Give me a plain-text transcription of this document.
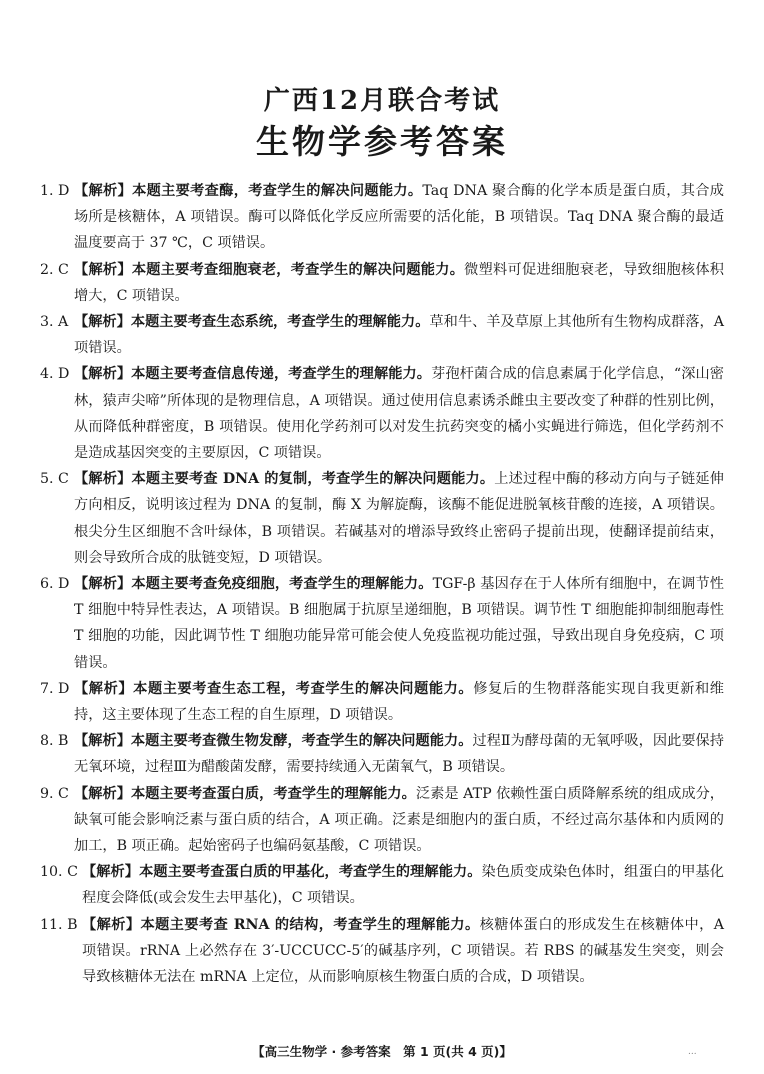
广西12月联合考试
生物学参考答案
1. D 【解析】本题主要考查酶，考查学生的解决问题能力。Taq DNA 聚合酶的化学本质是蛋白质，其合成场所是核糖体，A 项错误。酶可以降低化学反应所需要的活化能，B 项错误。Taq DNA 聚合酶的最适温度要高于 37 ℃，C 项错误。
2. C 【解析】本题主要考查细胞衰老，考查学生的解决问题能力。微塑料可促进细胞衰老，导致细胞核体积增大，C 项错误。
3. A 【解析】本题主要考查生态系统，考查学生的理解能力。草和牛、羊及草原上其他所有生物构成群落，A 项错误。
4. D 【解析】本题主要考查信息传递，考查学生的理解能力。芽孢杆菌合成的信息素属于化学信息，“深山密林，猿声尖啼”所体现的是物理信息，A 项错误。通过使用信息素诱杀雌虫主要改变了种群的性别比例，从而降低种群密度，B 项错误。使用化学药剂可以对发生抗药突变的橘小实蝇进行筛选，但化学药剂不是造成基因突变的主要原因，C 项错误。
5. C 【解析】本题主要考查 DNA 的复制，考查学生的解决问题能力。上述过程中酶的移动方向与子链延伸方向相反，说明该过程为 DNA 的复制，酶 X 为解旋酶，该酶不能促进脱氧核苷酸的连接，A 项错误。根尖分生区细胞不含叶绿体，B 项错误。若碱基对的增添导致终止密码子提前出现，使翻译提前结束，则会导致所合成的肽链变短，D 项错误。
6. D 【解析】本题主要考查免疫细胞，考查学生的理解能力。TGF-β 基因存在于人体所有细胞中，在调节性 T 细胞中特异性表达，A 项错误。B 细胞属于抗原呈递细胞，B 项错误。调节性 T 细胞能抑制细胞毒性 T 细胞的功能，因此调节性 T 细胞功能异常可能会使人免疫监视功能过强，导致出现自身免疫病，C 项错误。
7. D 【解析】本题主要考查生态工程，考查学生的解决问题能力。修复后的生物群落能实现自我更新和维持，这主要体现了生态工程的自生原理，D 项错误。
8. B 【解析】本题主要考查微生物发酵，考查学生的解决问题能力。过程Ⅱ为酵母菌的无氧呼吸，因此要保持无氧环境，过程Ⅲ为醋酸菌发酵，需要持续通入无菌氧气，B 项错误。
9. C 【解析】本题主要考查蛋白质，考查学生的理解能力。泛素是 ATP 依赖性蛋白质降解系统的组成成分，缺氧可能会影响泛素与蛋白质的结合，A 项正确。泛素是细胞内的蛋白质，不经过高尔基体和内质网的加工，B 项正确。起始密码子也编码氨基酸，C 项错误。
10. C 【解析】本题主要考查蛋白质的甲基化，考查学生的理解能力。染色质变成染色体时，组蛋白的甲基化程度会降低(或会发生去甲基化)，C 项错误。
11. B 【解析】本题主要考查 RNA 的结构，考查学生的理解能力。核糖体蛋白的形成发生在核糖体中，A 项错误。rRNA 上必然存在 3′-UCCUCC-5′的碱基序列，C 项错误。若 RBS 的碱基发生突变，则会导致核糖体无法在 mRNA 上定位，从而影响原核生物蛋白质的合成，D 项错误。
【高三生物学 · 参考答案　第 1 页(共 4 页)】	...
